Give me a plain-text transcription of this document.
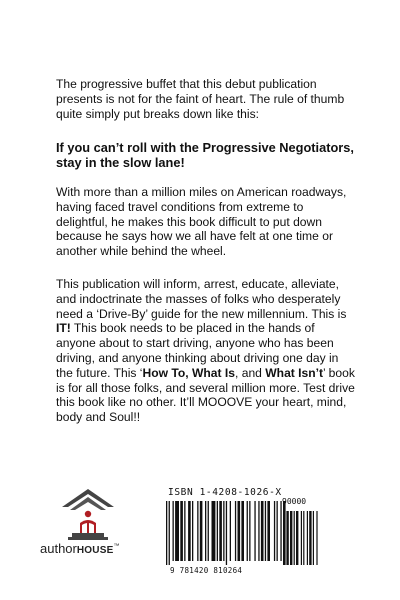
The progressive buffet that this debut publication presents is not for the faint of heart. The rule of thumb quite simply put breaks down like this:
If you can’t roll with the Progressive Negotiators, stay in the slow lane!
With more than a million miles on American roadways, having faced travel conditions from extreme to delightful, he makes this book difficult to put down because he says how we all have felt at one time or another while behind the wheel.
This publication will inform, arrest, educate, alleviate, and indoctrinate the masses of folks who desperately need a ‘Drive-By’ guide for the new millennium. This is IT! This book needs to be placed in the hands of anyone about to start driving, anyone who has been driving, and anyone thinking about driving one day in the future. This ‘How To, What Is, and What Isn’t’ book is for all those folks, and several million more. Test drive this book like no other. It’ll MOOOVE your heart, mind, body and Soul!!
authorHOUSE™
ISBN 1-4208-1026-X
90000
9 781420 810264
